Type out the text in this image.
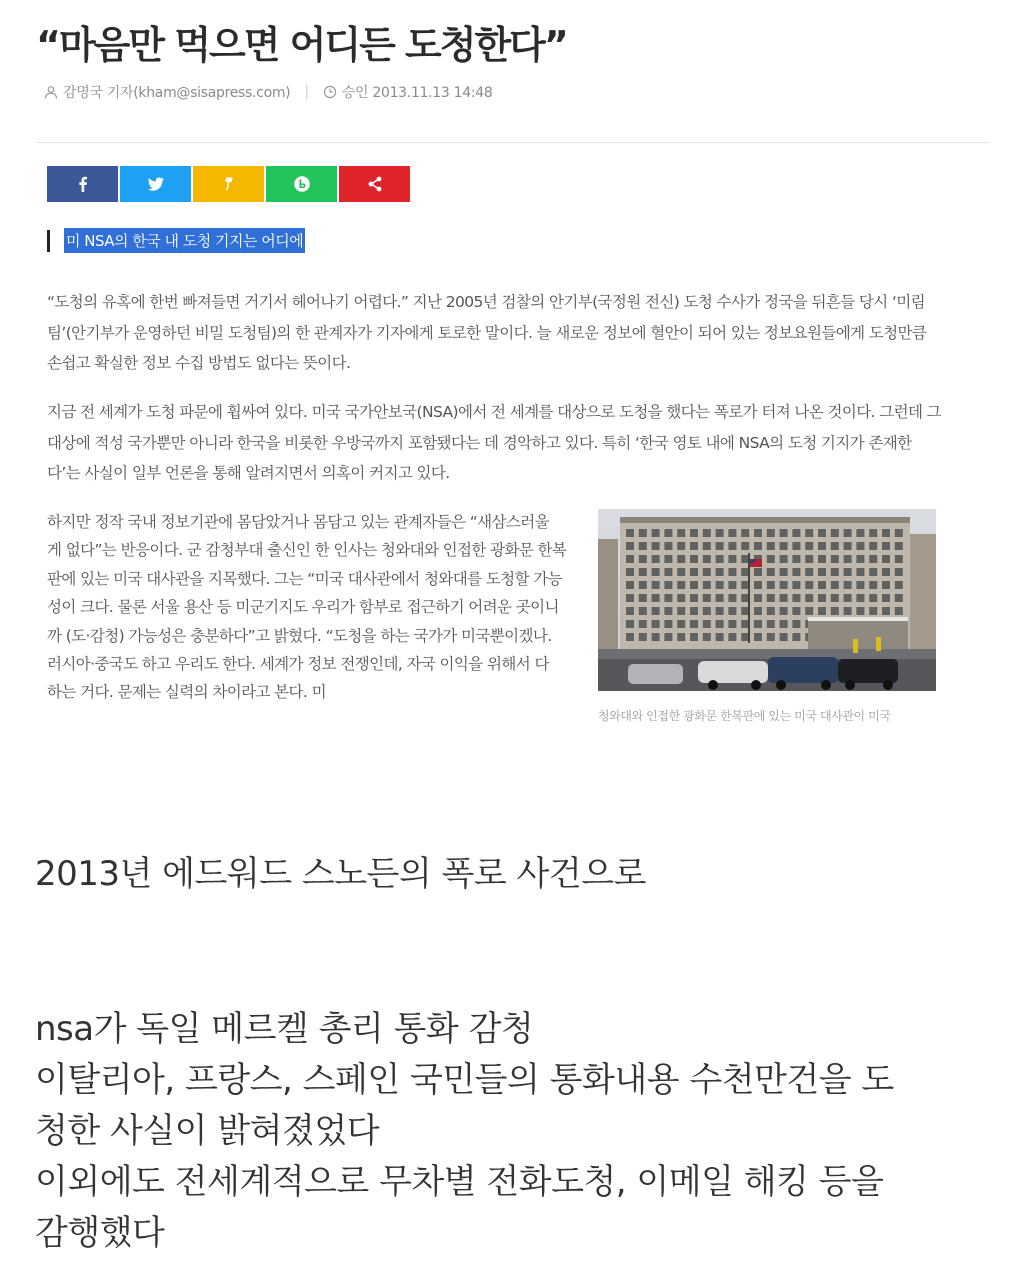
“마음만 먹으면 어디든 도청한다”
감명국 기자(kham@sisapress.com) | 승인 2013.11.13 14:48
미 NSA의 한국 내 도청 기지는 어디에

“도청의 유혹에 한번 빠져들면 거기서 헤어나기 어렵다.” 지난 2005년 검찰의 안기부(국정원 전신) 도청 수사가 정국을 뒤흔들 당시 ‘미림팀’(안기부가 운영하던 비밀 도청팀)의 한 관계자가 기자에게 토로한 말이다. 늘 새로운 정보에 혈안이 되어 있는 정보요원들에게 도청만큼 손쉽고 확실한 정보 수집 방법도 없다는 뜻이다.

지금 전 세계가 도청 파문에 휩싸여 있다. 미국 국가안보국(NSA)에서 전 세계를 대상으로 도청을 했다는 폭로가 터져 나온 것이다. 그런데 그 대상에 적성 국가뿐만 아니라 한국을 비롯한 우방국까지 포함됐다는 데 경악하고 있다. 특히 ‘한국 영토 내에 NSA의 도청 기지가 존재한다’는 사실이 일부 언론을 통해 알려지면서 의혹이 커지고 있다.

하지만 정작 국내 정보기관에 몸담았거나 몸담고 있는 관계자들은 “새삼스러울 게 없다”는 반응이다. 군 감청부대 출신인 한 인사는 청와대와 인접한 광화문 한복판에 있는 미국 대사관을 지목했다. 그는 “미국 대사관에서 청와대를 도청할 가능성이 크다. 물론 서울 용산 등 미군기지도 우리가 함부로 접근하기 어려운 곳이니까 (도·감청) 가능성은 충분하다”고 밝혔다. “도청을 하는 국가가 미국뿐이겠나. 러시아·중국도 하고 우리도 한다. 세계가 정보 전쟁인데, 자국 이익을 위해서 다 하는 거다. 문제는 실력의 차이라고 본다. 미

청와대와 인접한 광화문 한복판에 있는 미국 대사관이 미국

2013년 에드워드 스노든의 폭로 사건으로

nsa가 독일 메르켈 총리 통화 감청
이탈리아, 프랑스, 스페인 국민들의 통화내용 수천만건을 도
청한 사실이 밝혀졌었다
이외에도 전세계적으로 무차별 전화도청, 이메일 해킹 등을
감행했다
